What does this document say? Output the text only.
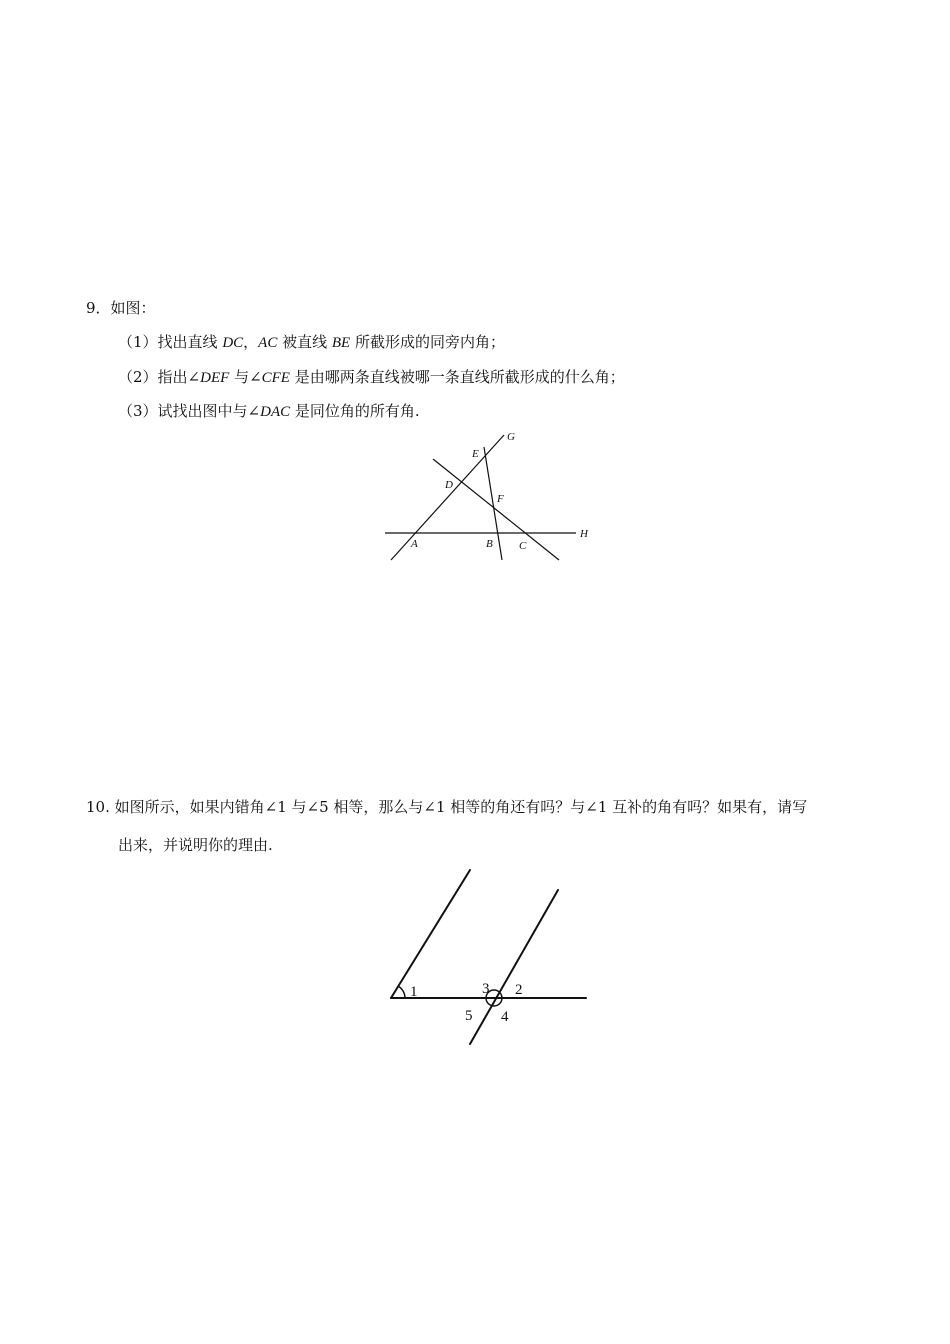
9．如图：
（1）找出直线 DC，AC 被直线 BE 所截形成的同旁内角；
（2）指出∠DEF 与∠CFE 是由哪两条直线被哪一条直线所截形成的什么角；
（3）试找出图中与∠DAC 是同位角的所有角.
E
G
D
F
A	B C
H
10. 如图所示，如果内错角∠1 与∠5 相等，那么与∠1 相等的角还有吗？与∠1 互补的角有吗？如果有，请写
出来，并说明你的理由.
1	3 2
5 4
